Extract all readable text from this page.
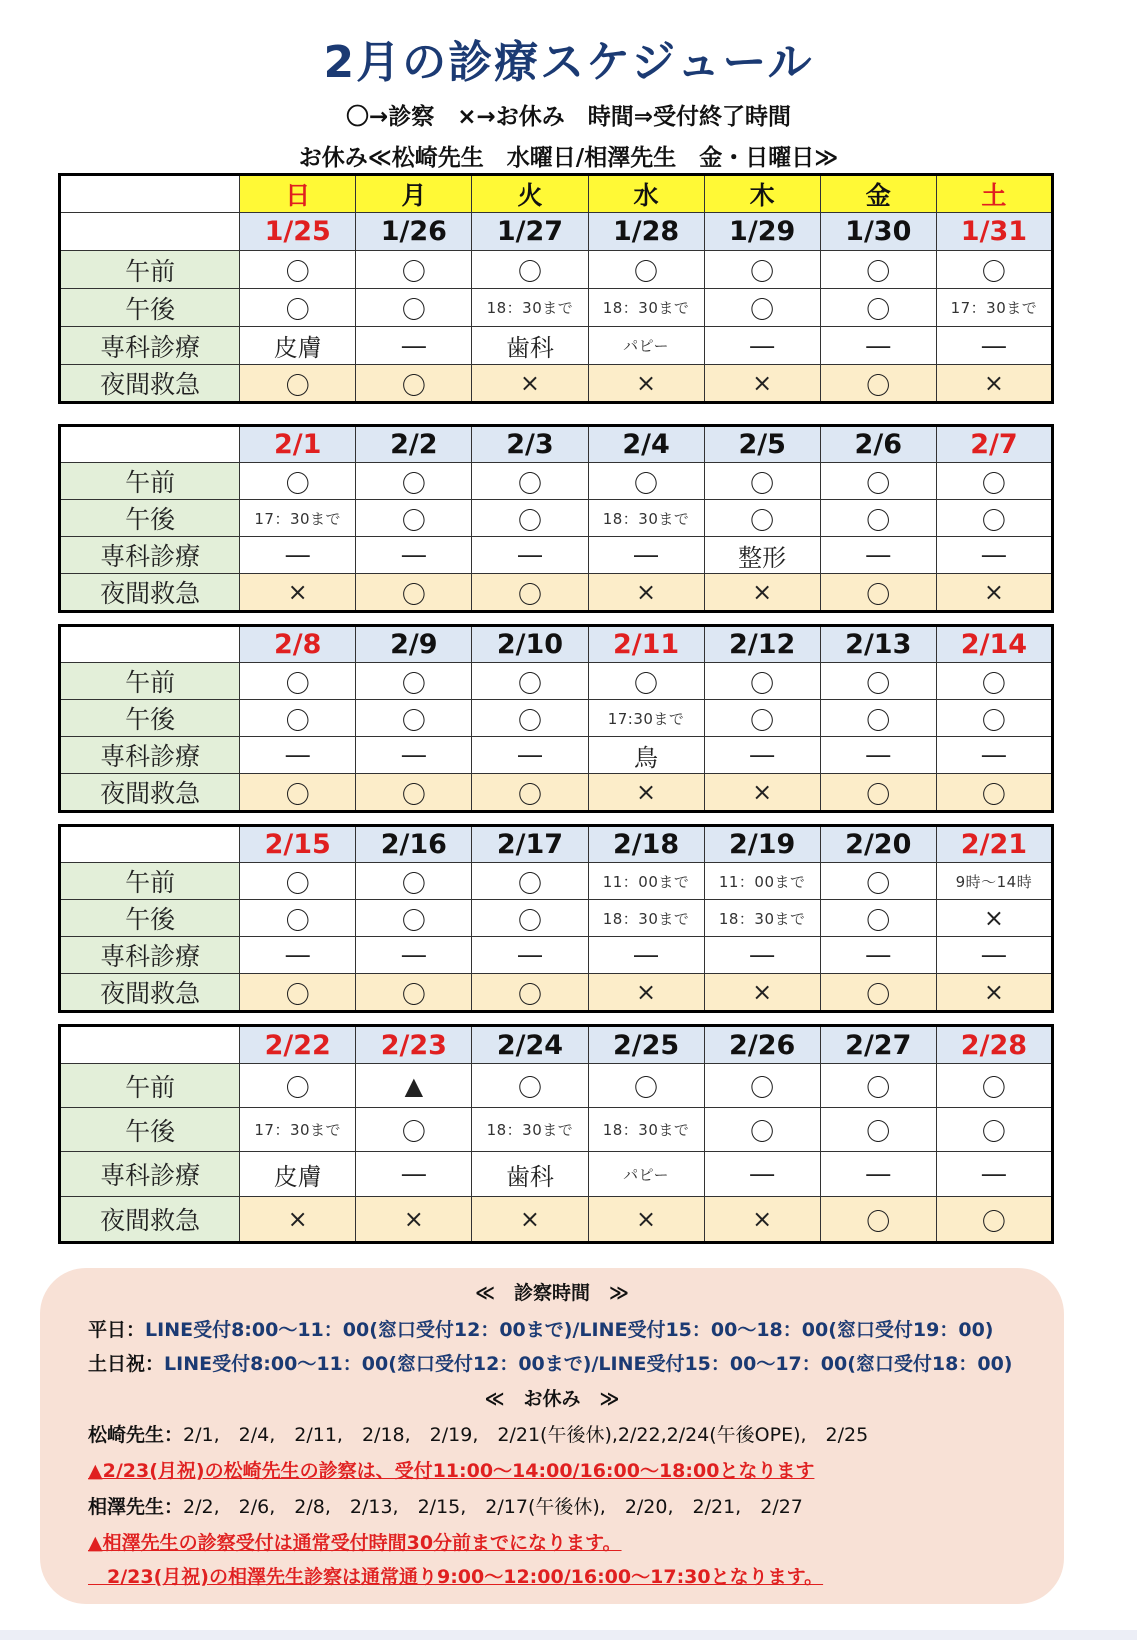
2月の診療スケジュール
〇→診察　×→お休み　時間⇒受付終了時間
お休み≪松崎先生　水曜日/相澤先生　金・日曜日≫
	日	月	火	水	木	金	土
	1/25	1/26	1/27	1/28	1/29	1/30	1/31
午前	〇	〇	〇	〇	〇	〇	〇
午後	〇	〇	18：30まで	18：30まで	〇	〇	17：30まで
専科診療	皮膚	―	歯科	パピー	―	―	―
夜間救急	〇	〇	×	×	×	〇	×
	2/1	2/2	2/3	2/4	2/5	2/6	2/7
午前	〇	〇	〇	〇	〇	〇	〇
午後	17：30まで	〇	〇	18：30まで	〇	〇	〇
専科診療	―	―	―	―	整形	―	―
夜間救急	×	〇	〇	×	×	〇	×
	2/8	2/9	2/10	2/11	2/12	2/13	2/14
午前	〇	〇	〇	〇	〇	〇	〇
午後	〇	〇	〇	17:30まで	〇	〇	〇
専科診療	―	―	―	鳥	―	―	―
夜間救急	〇	〇	〇	×	×	〇	〇
	2/15	2/16	2/17	2/18	2/19	2/20	2/21
午前	〇	〇	〇	11：00まで	11：00まで	〇	9時～14時
午後	〇	〇	〇	18：30まで	18：30まで	〇	×
専科診療	―	―	―	―	―	―	―
夜間救急	〇	〇	〇	×	×	〇	×
	2/22	2/23	2/24	2/25	2/26	2/27	2/28
午前	〇	▲	〇	〇	〇	〇	〇
午後	17：30まで	〇	18：30まで	18：30まで	〇	〇	〇
専科診療	皮膚	―	歯科	パピー	―	―	―
夜間救急	×	×	×	×	×	〇	〇
≪　診察時間　≫
平日：LINE受付8:00～11：00(窓口受付12：00まで)/LINE受付15：00～18：00(窓口受付19：00)
土日祝：LINE受付8:00～11：00(窓口受付12：00まで)/LINE受付15：00～17：00(窓口受付18：00)
≪　お休み　≫
松崎先生：2/1,　2/4,　2/11,　2/18,　2/19,　2/21(午後休),2/22,2/24(午後OPE),　2/25
▲2/23(月祝)の松崎先生の診察は、受付11:00～14:00/16:00～18:00となります
相澤先生：2/2,　2/6,　2/8,　2/13,　2/15,　2/17(午後休),　2/20,　2/21,　2/27
▲相澤先生の診察受付は通常受付時間30分前までになります。
　2/23(月祝)の相澤先生診察は通常通り9:00～12:00/16:00～17:30となります。
